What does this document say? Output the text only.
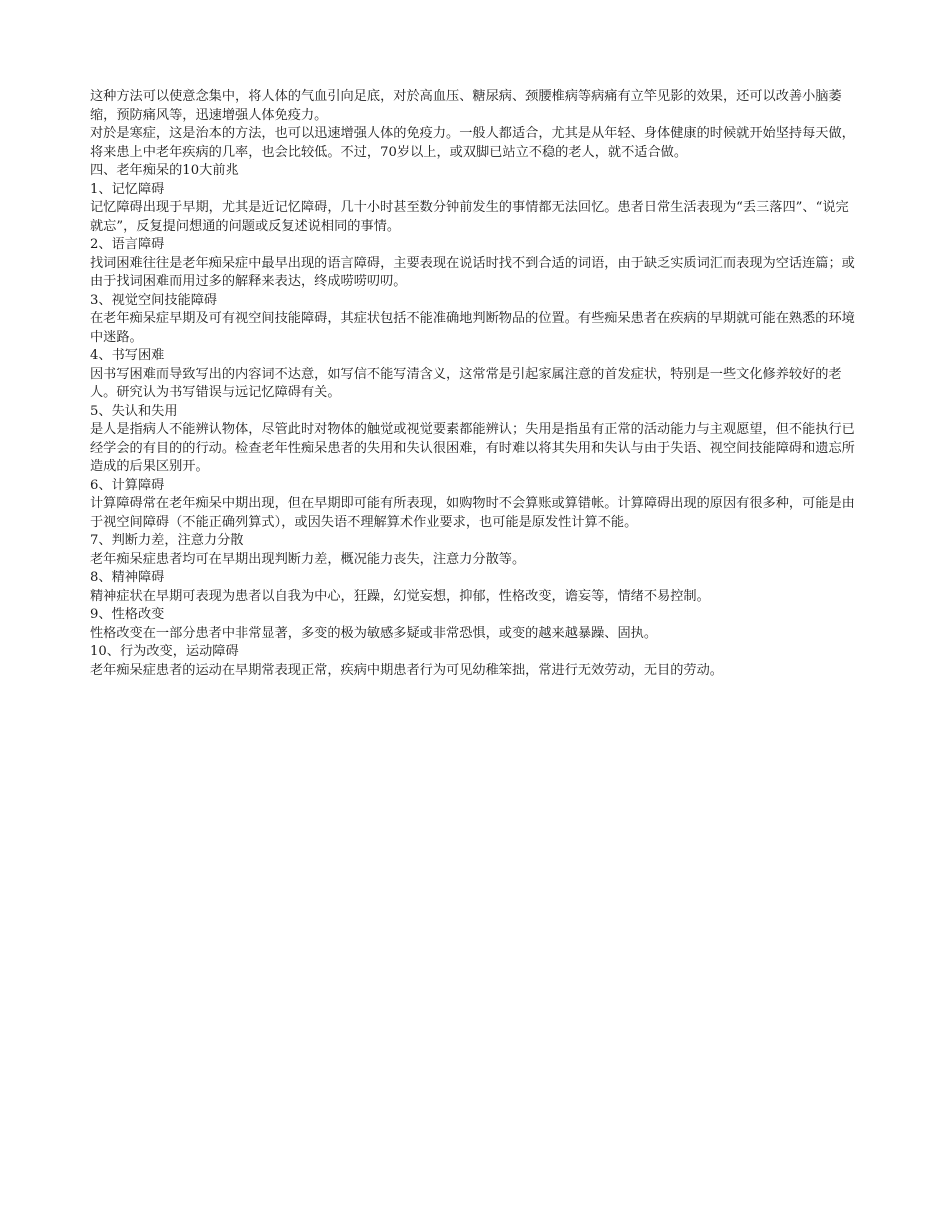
这种方法可以使意念集中，将人体的气血引向足底，对於高血压、糖尿病、颈腰椎病等病痛有立竿见影的效果，还可以改善小脑萎缩，预防痛风等，迅速增强人体免疫力。

对於是寒症，这是治本的方法，也可以迅速增强人体的免疫力。一般人都适合，尤其是从年轻、身体健康的时候就开始坚持每天做，将来患上中老年疾病的几率，也会比较低。不过，70岁以上，或双脚已站立不稳的老人，就不适合做。

四、老年痴呆的10大前兆

1、记忆障碍

记忆障碍出现于早期，尤其是近记忆障碍，几十小时甚至数分钟前发生的事情都无法回忆。患者日常生活表现为“丢三落四”、“说完就忘”，反复提问想通的问题或反复述说相同的事情。

2、语言障碍

找词困难往往是老年痴呆症中最早出现的语言障碍，主要表现在说话时找不到合适的词语，由于缺乏实质词汇而表现为空话连篇；或由于找词困难而用过多的解释来表达，终成唠唠叨叨。

3、视觉空间技能障碍

在老年痴呆症早期及可有视空间技能障碍，其症状包括不能准确地判断物品的位置。有些痴呆患者在疾病的早期就可能在熟悉的环境中迷路。

4、书写困难

因书写困难而导致写出的内容词不达意，如写信不能写清含义，这常常是引起家属注意的首发症状，特别是一些文化修养较好的老人。研究认为书写错误与远记忆障碍有关。

5、失认和失用

是人是指病人不能辨认物体，尽管此时对物体的触觉或视觉要素都能辨认；失用是指虽有正常的活动能力与主观愿望，但不能执行已经学会的有目的的行动。检查老年性痴呆患者的失用和失认很困难，有时难以将其失用和失认与由于失语、视空间技能障碍和遗忘所造成的后果区别开。

6、计算障碍

计算障碍常在老年痴呆中期出现，但在早期即可能有所表现，如购物时不会算账或算错帐。计算障碍出现的原因有很多种，可能是由于视空间障碍（不能正确列算式），或因失语不理解算术作业要求，也可能是原发性计算不能。

7、判断力差，注意力分散

老年痴呆症患者均可在早期出现判断力差，概况能力丧失，注意力分散等。

8、精神障碍

精神症状在早期可表现为患者以自我为中心，狂躁，幻觉妄想，抑郁，性格改变，谵妄等，情绪不易控制。

9、性格改变

性格改变在一部分患者中非常显著，多变的极为敏感多疑或非常恐惧，或变的越来越暴躁、固执。

10、行为改变，运动障碍

老年痴呆症患者的运动在早期常表现正常，疾病中期患者行为可见幼稚笨拙，常进行无效劳动，无目的劳动。
